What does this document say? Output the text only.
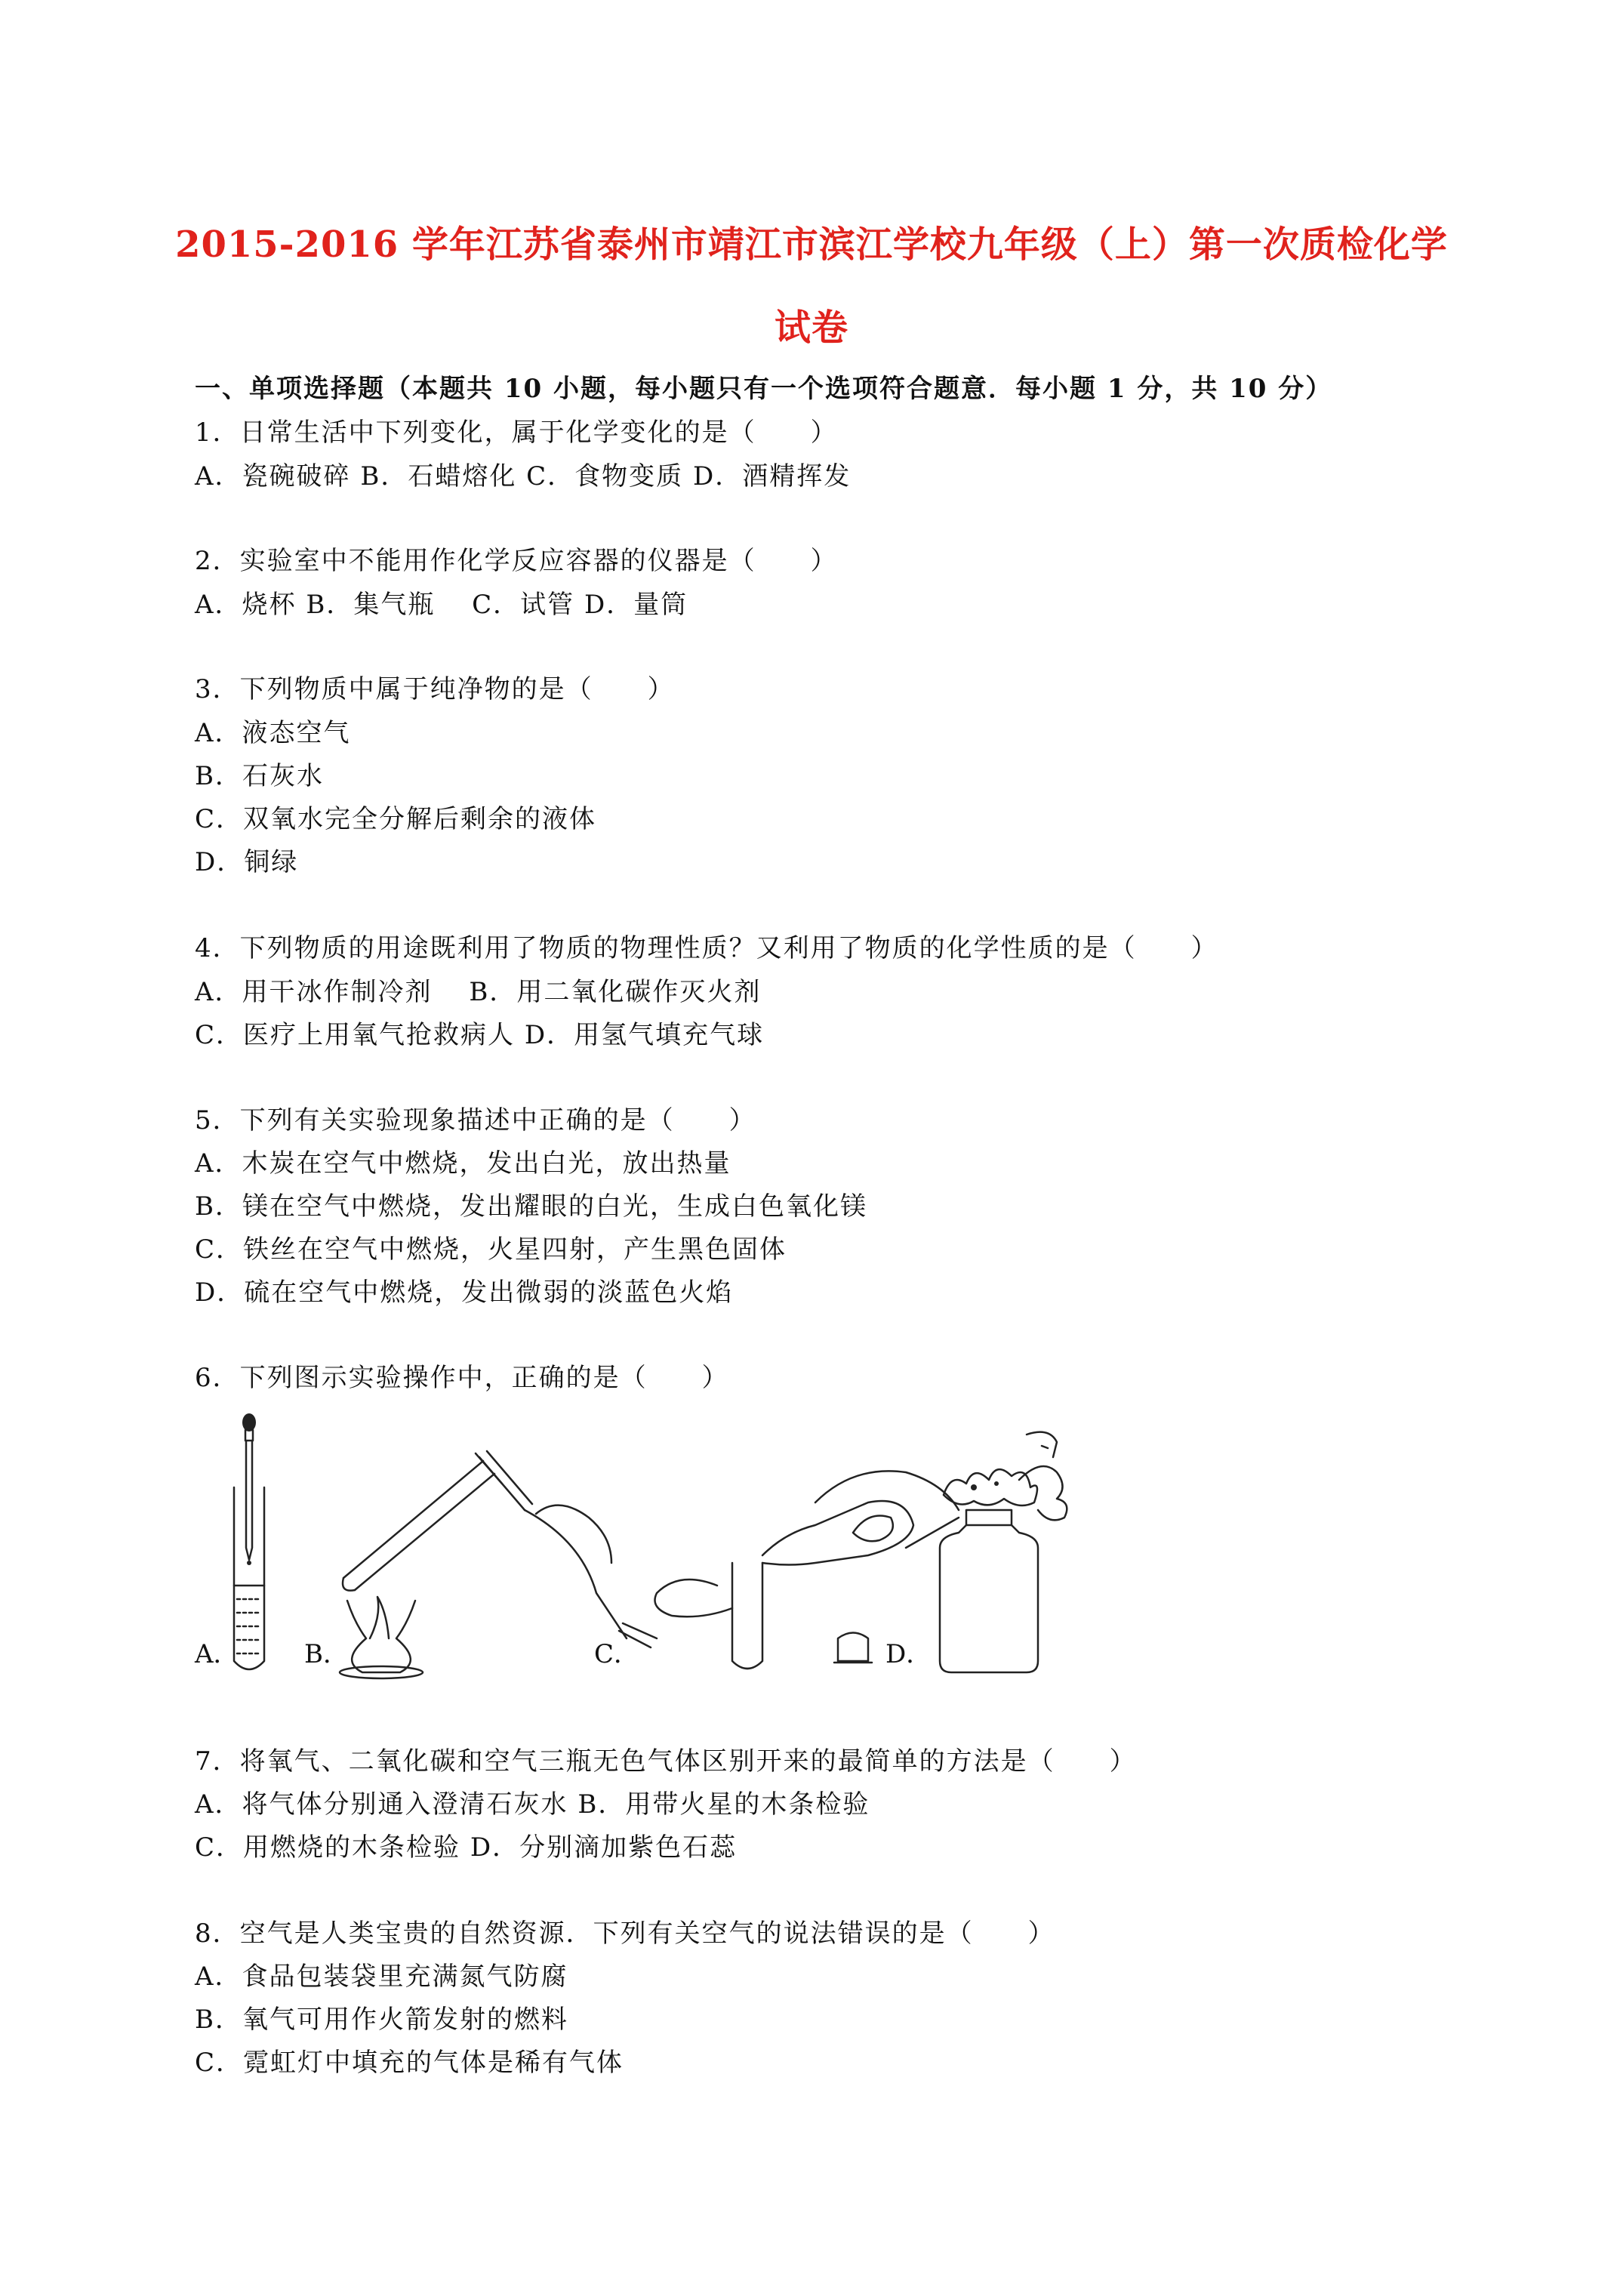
2015-2016 学年江苏省泰州市靖江市滨江学校九年级（上）第一次质检化学
试卷
一、单项选择题（本题共 10 小题，每小题只有一个选项符合题意．每小题 1 分，共 10 分）
1．日常生活中下列变化，属于化学变化的是（　　）
A．瓷碗破碎 B．石蜡熔化 C．食物变质 D．酒精挥发
2．实验室中不能用作化学反应容器的仪器是（　　）
A．烧杯 B．集气瓶　 C．试管 D．量筒
3．下列物质中属于纯净物的是（　　）
A．液态空气
B．石灰水
C．双氧水完全分解后剩余的液体
D．铜绿
4．下列物质的用途既利用了物质的物理性质？又利用了物质的化学性质的是（　　）
A．用干冰作制冷剂　 B．用二氧化碳作灭火剂
C．医疗上用氧气抢救病人 D．用氢气填充气球
5．下列有关实验现象描述中正确的是（　　）
A．木炭在空气中燃烧，发出白光，放出热量
B．镁在空气中燃烧，发出耀眼的白光，生成白色氧化镁
C．铁丝在空气中燃烧，火星四射，产生黑色固体
D．硫在空气中燃烧，发出微弱的淡蓝色火焰
6．下列图示实验操作中，正确的是（　　）
A．	B．	C．	D．
7．将氧气、二氧化碳和空气三瓶无色气体区别开来的最简单的方法是（　　）
A．将气体分别通入澄清石灰水 B．用带火星的木条检验
C．用燃烧的木条检验 D．分别滴加紫色石蕊
8．空气是人类宝贵的自然资源．下列有关空气的说法错误的是（　　）
A．食品包装袋里充满氮气防腐
B．氧气可用作火箭发射的燃料
C．霓虹灯中填充的气体是稀有气体
